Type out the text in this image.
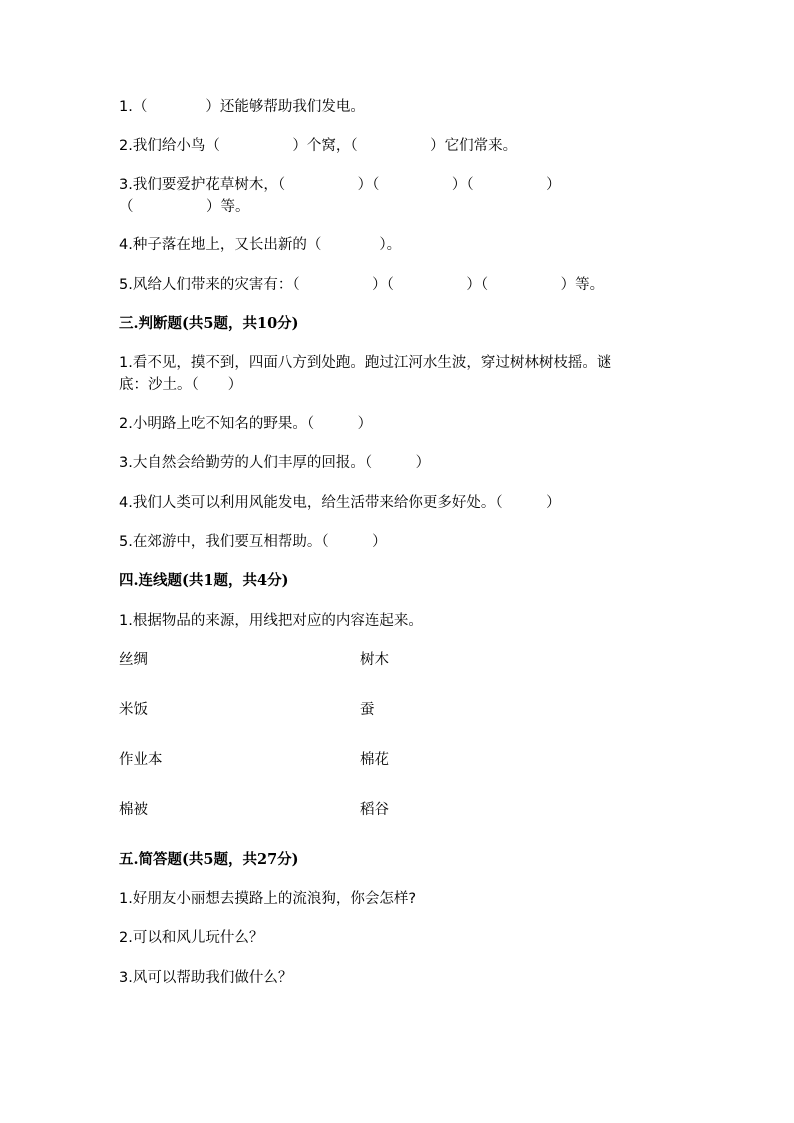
1.（　　　　）还能够帮助我们发电。
2.我们给小鸟（　　　　　）个窝，（　　　　　）它们常来。
3.我们要爱护花草树木，（　　　　　）（　　　　　）（　　　　　）
（　　　　　）等。
4.种子落在地上，又长出新的（　　　　）。
5.风给人们带来的灾害有：（　　　　　）（　　　　　）（　　　　　）等。
三.判断题(共5题，共10分)
1.看不见，摸不到，四面八方到处跑。跑过江河水生波，穿过树林树枝摇。谜
底：沙土。（　　）
2.小明路上吃不知名的野果。（　　　）
3.大自然会给勤劳的人们丰厚的回报。（　　　）
4.我们人类可以利用风能发电，给生活带来给你更多好处。（　　　）
5.在郊游中，我们要互相帮助。（　　　）
四.连线题(共1题，共4分)
1.根据物品的来源，用线把对应的内容连起来。
丝绸	树木
米饭	蚕
作业本	棉花
棉被	稻谷
五.简答题(共5题，共27分)
1.好朋友小丽想去摸路上的流浪狗，你会怎样?
2.可以和风儿玩什么？
3.风可以帮助我们做什么？
